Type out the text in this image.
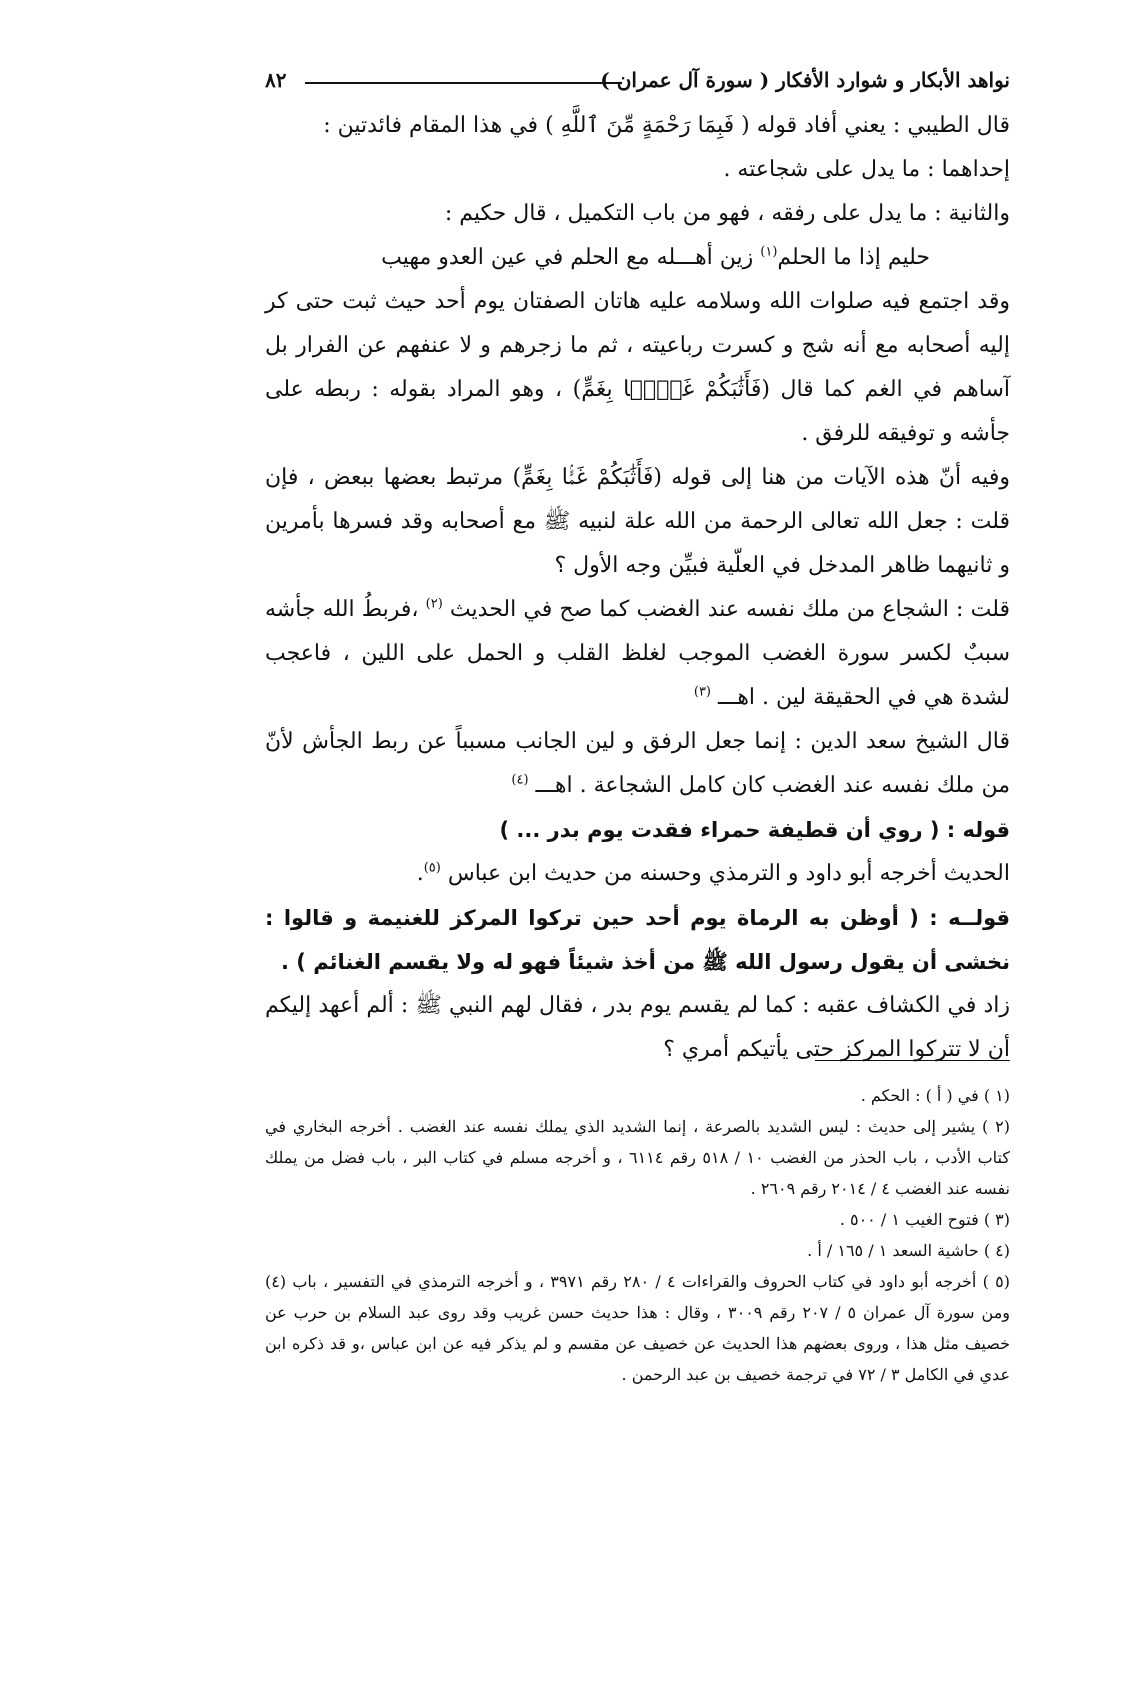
نواهد الأبكار و شوارد الأفكار ( سورة آل عمران )
٨٢

قال الطيبي : يعني أفاد قوله ( فَبِمَا رَحْمَةٍ مِّنَ ٱللَّهِ ) في هذا المقام فائدتين :

إحداهما : ما يدل على شجاعته .

والثانية : ما يدل على رفقه ، فهو من باب التكميل ، قال حكيم :

حليم إذا ما الحلم$^{(١)}$ زين أهـــله مع الحلم في عين العدو مهيب

وقد اجتمع فيه صلوات الله وسلامه عليه هاتان الصفتان يوم أحد حيث ثبت حتى كر إليه أصحابه مع أنه شج و كسرت رباعيته ، ثم ما زجرهم و لا عنفهم عن الفرار بل آساهم في الغم كما قال (فَأَثَٰبَكُمْ غَمًّۢا بِغَمٍّ) ، وهو المراد بقوله : ربطه على جأشه و توفيقه للرفق .

وفيه أنّ هذه الآيات من هنا إلى قوله (فَأَثَٰبَكُمْ غَمًّۢا بِغَمٍّ) مرتبط بعضها ببعض ، فإن قلت : جعل الله تعالى الرحمة من الله علة لنبيه ﷺ مع أصحابه وقد فسرها بأمرين و ثانيهما ظاهر المدخل في العلّية فبيِّن وجه الأول ؟

قلت : الشجاع من ملك نفسه عند الغضب كما صح في الحديث $^{(٢)}$ ،فربطُ الله جأشه سببٌ لكسر سورة الغضب الموجب لغلظ القلب و الحمل على اللين ، فاعجب لشدة هي في الحقيقة لين . اهـــ $^{(٣)}$

قال الشيخ سعد الدين : إنما جعل الرفق و لين الجانب مسبباً عن ربط الجأش لأنّ من ملك نفسه عند الغضب كان كامل الشجاعة . اهـــ $^{(٤)}$

قوله : ( روي أن قطيفة حمراء فقدت يوم بدر ... )

الحديث أخرجه أبو داود و الترمذي وحسنه من حديث ابن عباس $^{(٥)}$.

قولــه : ( أوظن به الرماة يوم أحد حين تركوا المركز للغنيمة و قالوا : نخشى أن يقول رسول الله ﷺ من أخذ شيئاً فهو له ولا يقسم الغنائم ) .

زاد في الكشاف عقبه : كما لم يقسم يوم بدر ، فقال لهم النبي ﷺ : ألم أعهد إليكم أن لا تتركوا المركز حتى يأتيكم أمري ؟

(١ ) في ( أ ) : الحكم .

(٢ ) يشير إلى حديث : ليس الشديد بالصرعة ، إنما الشديد الذي يملك نفسه عند الغضب . أخرجه البخاري في كتاب الأدب ، باب الحذر من الغضب ١٠ / ٥١٨ رقم ٦١١٤ ، و أخرجه مسلم في كتاب البر ، باب فضل من يملك نفسه عند الغضب ٤ / ٢٠١٤ رقم ٢٦٠٩ .

(٣ ) فتوح الغيب ١ / ٥٠٠ .

(٤ ) حاشية السعد ١ / ١٦٥ / أ .

(٥ ) أخرجه أبو داود في كتاب الحروف والقراءات ٤ / ٢٨٠ رقم ٣٩٧١ ، و أخرجه الترمذي في التفسير ، باب (٤) ومن سورة آل عمران ٥ / ٢٠٧ رقم ٣٠٠٩ ، وقال : هذا حديث حسن غريب وقد روى عبد السلام بن حرب عن خصيف مثل هذا ، وروى بعضهم هذا الحديث عن خصيف عن مقسم و لم يذكر فيه عن ابن عباس ،و قد ذكره ابن عدي في الكامل ٣ / ٧٢ في ترجمة خصيف بن عبد الرحمن .
